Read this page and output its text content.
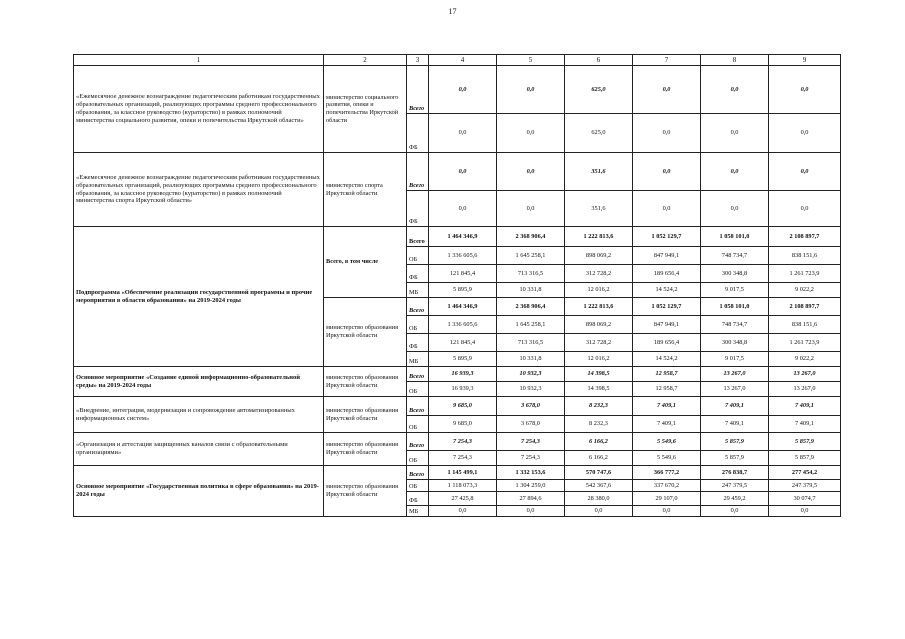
17
1	2	3	4	5	6	7	8	9
«Ежемесячное денежное вознаграждение педагогическим работникам государственных образовательных организаций, реализующих программы среднего профессионального образования, за классное руководство (кураторство) в рамках полномочий министерства социального развития, опеки и попечительства Иркутской области»	министерство социального развития, опеки и попечительства Иркутской области	Всего	0,0	0,0	625,0	0,0	0,0	0,0
		ФБ	0,0	0,0	625,0	0,0	0,0	0,0
«Ежемесячное денежное вознаграждение педагогическим работникам государственных образовательных организаций, реализующих программы среднего профессионального образования, за классное руководство (кураторство) в рамках полномочий министерства спорта Иркутской области»	министерство спорта Иркутской области	Всего	0,0	0,0	351,6	0,0	0,0	0,0
		ФБ	0,0	0,0	351,6	0,0	0,0	0,0
Подпрограмма «Обеспечение реализации государственной программы и прочие мероприятия в области образования» на 2019-2024 годы	Всего, в том числе	Всего	1 464 346,9	2 368 906,4	1 222 813,6	1 052 129,7	1 058 101,0	2 108 897,7
		ОБ	1 336 605,6	1 645 258,1	898 069,2	847 949,1	748 734,7	838 151,6
		ФБ	121 845,4	713 316,5	312 728,2	189 656,4	300 348,8	1 261 723,9
		МБ	5 895,9	10 331,8	12 016,2	14 524,2	9 017,5	9 022,2
	министерство образования Иркутской области	Всего	1 464 346,9	2 368 906,4	1 222 813,6	1 052 129,7	1 058 101,0	2 108 897,7
		ОБ	1 336 605,6	1 645 258,1	898 069,2	847 949,1	748 734,7	838 151,6
		ФБ	121 845,4	713 316,5	312 728,2	189 656,4	300 348,8	1 261 723,9
		МБ	5 895,9	10 331,8	12 016,2	14 524,2	9 017,5	9 022,2
Основное мероприятие «Создание единой информационно-образовательной среды» на 2019-2024 годы	министерство образования Иркутской области	Всего	16 939,3	10 932,3	14 398,5	12 958,7	13 267,0	13 267,0
		ОБ	16 939,3	10 932,3	14 398,5	12 958,7	13 267,0	13 267,0
«Внедрение, интеграция, модернизация и сопровождение автоматизированных информационных систем»	министерство образования Иркутской области	Всего	9 685,0	3 678,0	8 232,3	7 409,1	7 409,1	7 409,1
		ОБ	9 685,0	3 678,0	8 232,3	7 409,1	7 409,1	7 409,1
«Организация и аттестация защищенных каналов связи с образовательными организациями»	министерство образования Иркутской области	Всего	7 254,3	7 254,3	6 166,2	5 549,6	5 857,9	5 857,9
		ОБ	7 254,3	7 254,3	6 166,2	5 549,6	5 857,9	5 857,9
Основное мероприятие «Государственная политика в сфере образования» на 2019-2024 годы	министерство образования Иркутской области	Всего	1 145 499,1	1 332 153,6	570 747,6	366 777,2	276 838,7	277 454,2
		ОБ	1 118 073,3	1 304 259,0	542 367,6	337 670,2	247 379,5	247 379,5
		ФБ	27 425,8	27 894,6	28 380,0	29 107,0	29 459,2	30 074,7
		МБ	0,0	0,0	0,0	0,0	0,0	0,0
